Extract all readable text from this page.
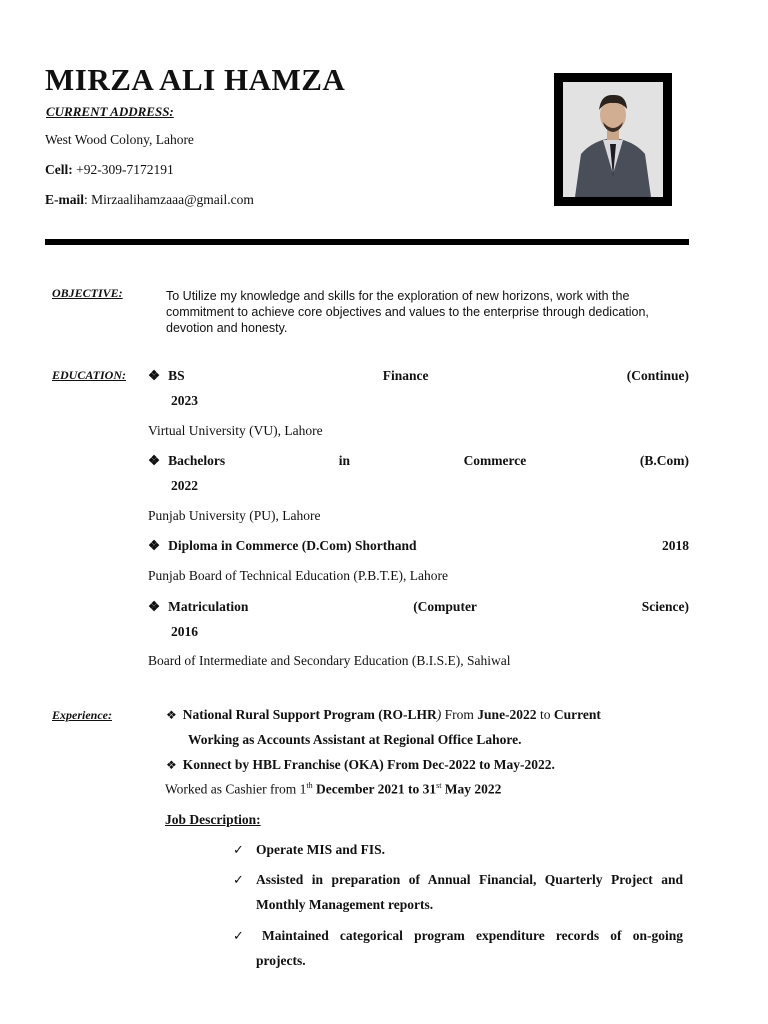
MIRZA ALI HAMZA
CURRENT ADDRESS:
West Wood Colony, Lahore
Cell: +92-309-7172191
E-mail: Mirzaalihamzaaa@gmail.com
OBJECTIVE:	To Utilize my knowledge and skills for the exploration of new horizons, work with the commitment to achieve core objectives and values to the enterprise through dedication, devotion and honesty.
EDUCATION: ❖ BS	Finance	(Continue)
2023
Virtual University (VU), Lahore
❖ Bachelors	in	Commerce	(B.Com)
2022
Punjab University (PU), Lahore
❖ Diploma in Commerce (D.Com) Shorthand	2018
Punjab Board of Technical Education (P.B.T.E), Lahore
❖ Matriculation	(Computer	Science)
2016
Board of Intermediate and Secondary Education (B.I.S.E), Sahiwal
Experience:	❖ National Rural Support Program (RO-LHR) From June-2022 to Current
Working as Accounts Assistant at Regional Office Lahore.
❖ Konnect by HBL Franchise (OKA) From Dec-2022 to May-2022.
Worked as Cashier from 1th December 2021 to 31st May 2022
Job Description:
✓ Operate MIS and FIS.
✓ Assisted in preparation of Annual Financial, Quarterly Project and Monthly Management reports.
✓	Maintained categorical program expenditure records of on-going projects.
